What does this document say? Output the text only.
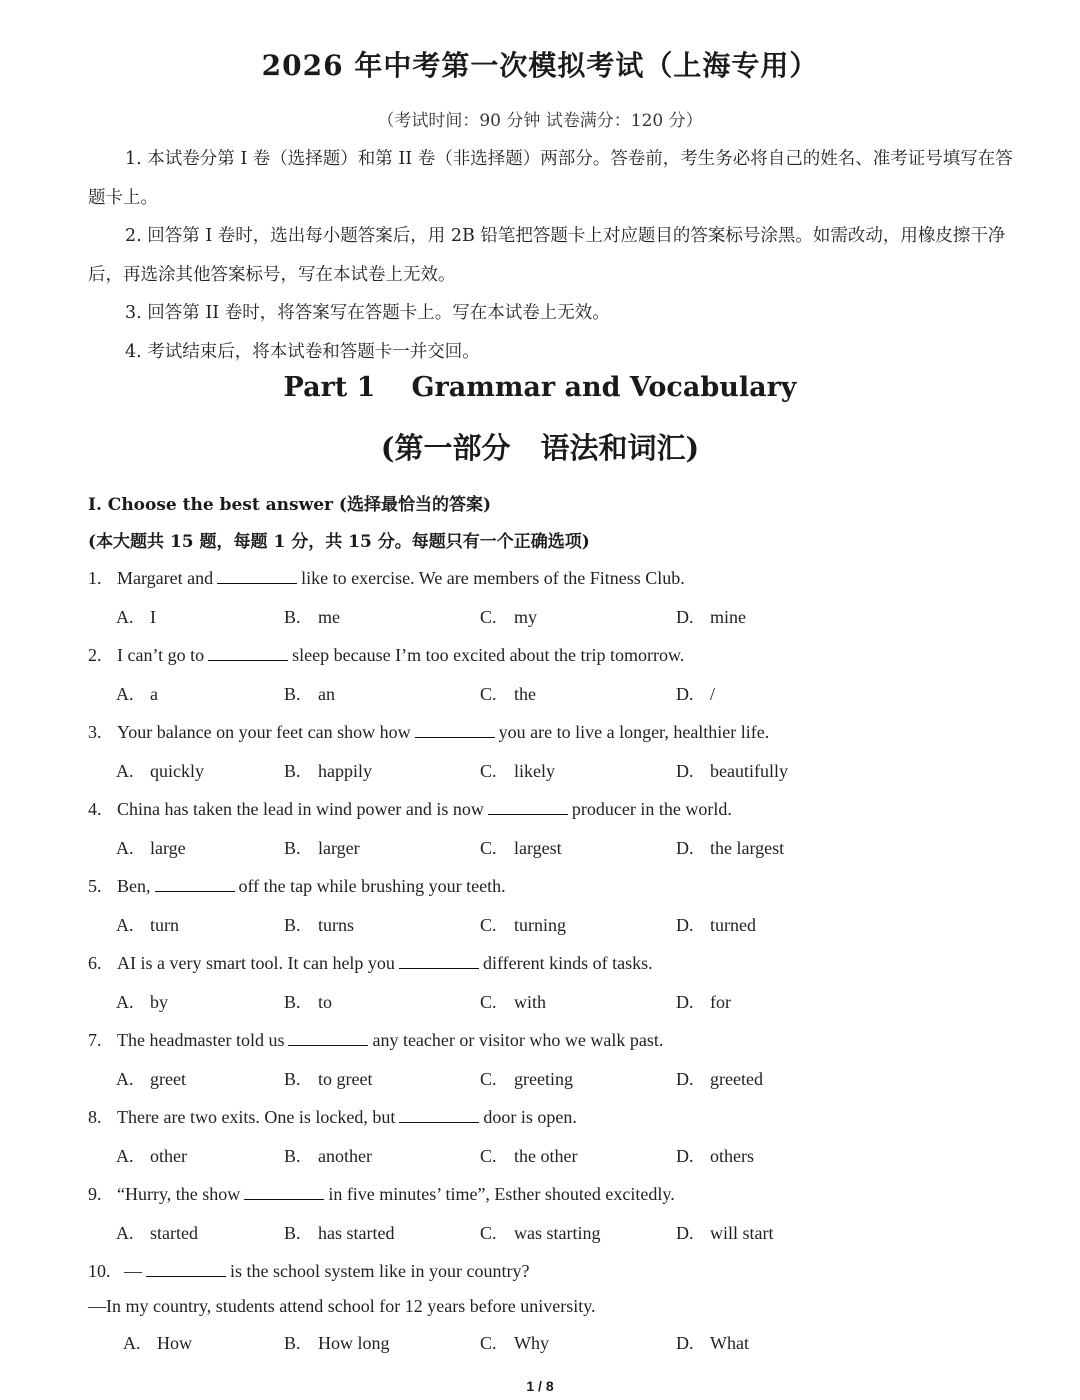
2026 年中考第一次模拟考试（上海专用）
（考试时间：90 分钟 试卷满分：120 分）

1. 本试卷分第 I 卷（选择题）和第 II 卷（非选择题）两部分。答卷前，考生务必将自己的姓名、准考证号填写在答题卡上。

2. 回答第 I 卷时，选出每小题答案后，用 2B 铅笔把答题卡上对应题目的答案标号涂黑。如需改动，用橡皮擦干净后，再选涂其他答案标号，写在本试卷上无效。

3. 回答第 II 卷时，将答案写在答题卡上。写在本试卷上无效。

4. 考试结束后，将本试卷和答题卡一并交回。

Part 1 Grammar and Vocabulary
(第一部分 语法和词汇)
I. Choose the best answer (选择最恰当的答案)
(本大题共 15 题，每题 1 分，共 15 分。每题只有一个正确选项)
1. Margaret and	like to exercise. We are members of the Fitness Club.
A. I	B. me	C. my	D. mine
2. I can’t go to	sleep because I’m too excited about the trip tomorrow.
A. a	B. an	C. the	D. /
3. Your balance on your feet can show how	you are to live a longer, healthier life.
A. quickly	B. happily	C. likely	D. beautifully
4. China has taken the lead in wind power and is now	producer in the world.
A. large	B. larger	C. largest	D. the largest
5. Ben,	off the tap while brushing your teeth.
A. turn	B. turns	C. turning	D. turned
6. AI is a very smart tool. It can help you	different kinds of tasks.
A. by	B. to	C. with	D. for
7. The headmaster told us	any teacher or visitor who we walk past.
A. greet	B. to greet	C. greeting	D. greeted
8. There are two exits. One is locked, but	door is open.
A. other	B. another	C. the other	D. others
9. “Hurry, the show	in five minutes’ time”, Esther shouted excitedly.
A. started	B. has started	C. was starting	D. will start
10. —	is the school system like in your country?
—In my country, students attend school for 12 years before university.
A. How	B. How long	C. Why	D. What
1 / 8
